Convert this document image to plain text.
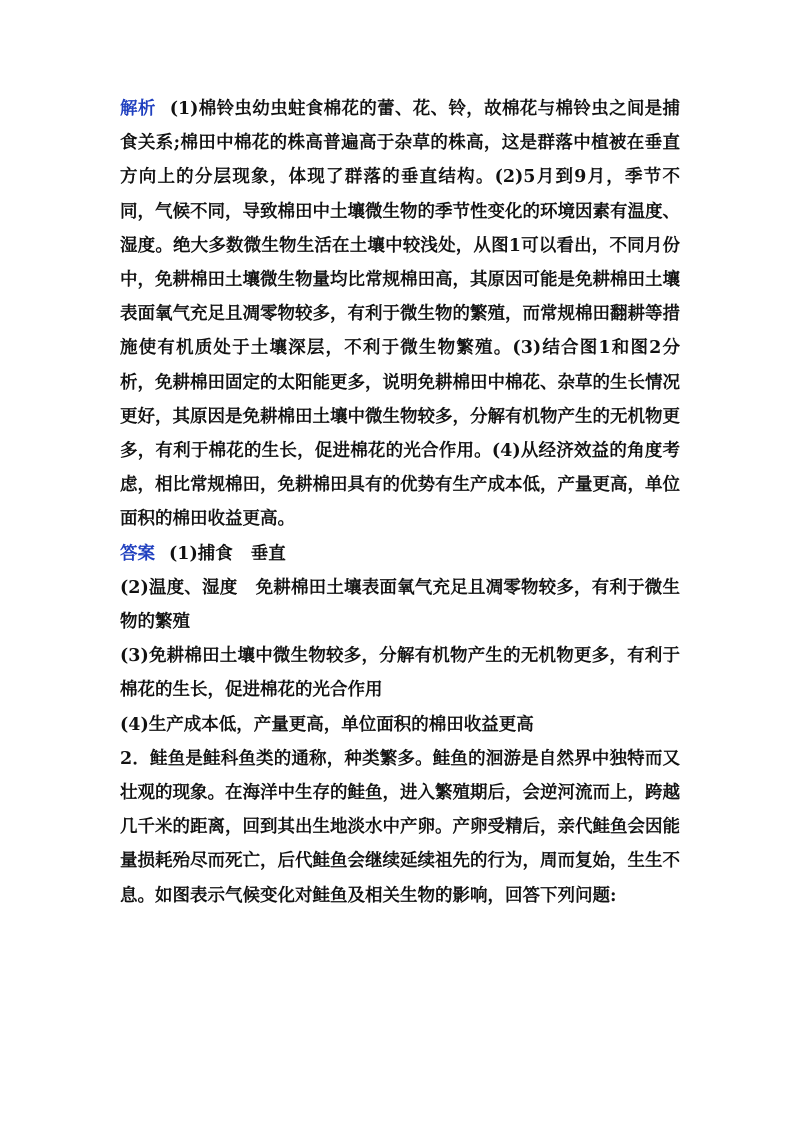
解析 (1)棉铃虫幼虫蛀食棉花的蕾、花、铃，故棉花与棉铃虫之间是捕食关系;棉田中棉花的株高普遍高于杂草的株高，这是群落中植被在垂直方向上的分层现象，体现了群落的垂直结构。(2)5月到9月，季节不同，气候不同，导致棉田中土壤微生物的季节性变化的环境因素有温度、湿度。绝大多数微生物生活在土壤中较浅处，从图1可以看出，不同月份中，免耕棉田土壤微生物量均比常规棉田高，其原因可能是免耕棉田土壤表面氧气充足且凋零物较多，有利于微生物的繁殖，而常规棉田翻耕等措施使有机质处于土壤深层，不利于微生物繁殖。(3)结合图1和图2分析，免耕棉田固定的太阳能更多，说明免耕棉田中棉花、杂草的生长情况更好，其原因是免耕棉田土壤中微生物较多，分解有机物产生的无机物更多，有利于棉花的生长，促进棉花的光合作用。(4)从经济效益的角度考虑，相比常规棉田，免耕棉田具有的优势有生产成本低，产量更高，单位面积的棉田收益更高。

答案 (1)捕食 垂直

(2)温度、湿度 免耕棉田土壤表面氧气充足且凋零物较多，有利于微生物的繁殖

(3)免耕棉田土壤中微生物较多，分解有机物产生的无机物更多，有利于棉花的生长，促进棉花的光合作用

(4)生产成本低，产量更高，单位面积的棉田收益更高

2．鲑鱼是鲑科鱼类的通称，种类繁多。鲑鱼的洄游是自然界中独特而又壮观的现象。在海洋中生存的鲑鱼，进入繁殖期后，会逆河流而上，跨越几千米的距离，回到其出生地淡水中产卵。产卵受精后，亲代鲑鱼会因能量损耗殆尽而死亡，后代鲑鱼会继续延续祖先的行为，周而复始，生生不息。如图表示气候变化对鲑鱼及相关生物的影响，回答下列问题:
